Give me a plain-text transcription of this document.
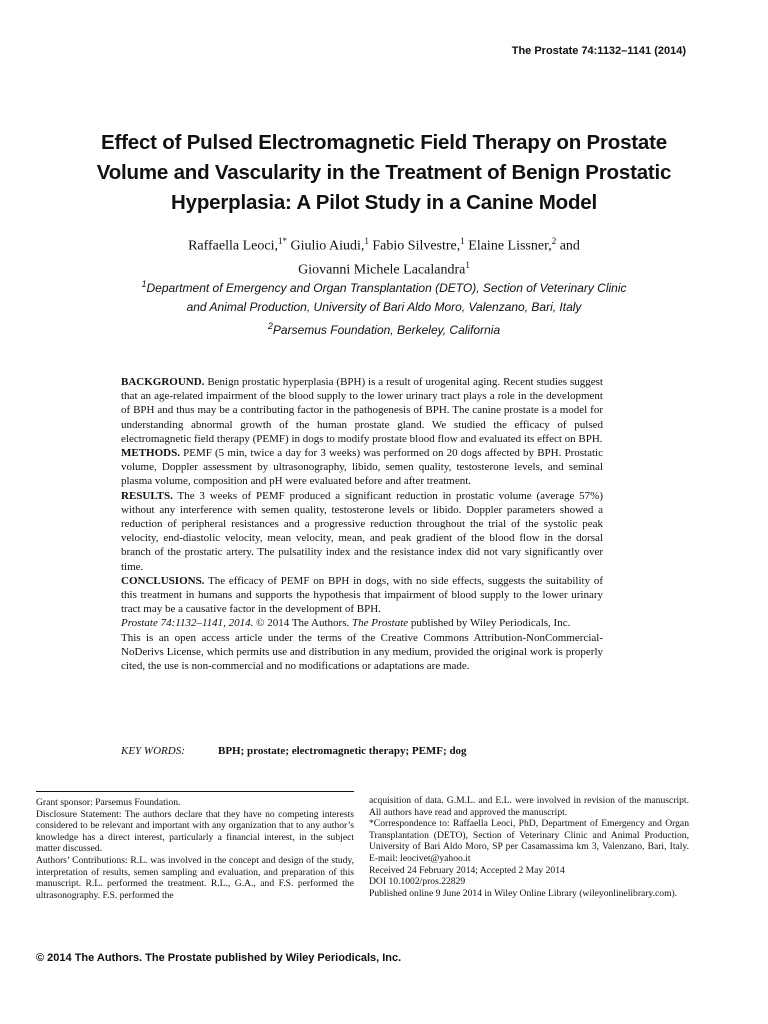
The Prostate 74:1132–1141 (2014)
Effect of Pulsed Electromagnetic Field Therapy on Prostate
Volume and Vascularity in the Treatment of Benign Prostatic
Hyperplasia: A Pilot Study in a Canine Model
Raffaella Leoci,$^{1*}$ Giulio Aiudi,$^1$ Fabio Silvestre,$^1$ Elaine Lissner,$^2$ and
Giovanni Michele Lacalandra$^1$
$^1$Department of Emergency and Organ Transplantation (DETO), Section of Veterinary Clinic
and Animal Production, University of Bari Aldo Moro, Valenzano, Bari, Italy
$^2$Parsemus Foundation, Berkeley, California

BACKGROUND. Benign prostatic hyperplasia (BPH) is a result of urogenital aging. Recent studies suggest that an age-related impairment of the blood supply to the lower urinary tract plays a role in the development of BPH and thus may be a contributing factor in the pathogenesis of BPH. The canine prostate is a model for understanding abnormal growth of the human prostate gland. We studied the efficacy of pulsed electromagnetic field therapy (PEMF) in dogs to modify prostate blood flow and evaluated its effect on BPH.

METHODS. PEMF (5 min, twice a day for 3 weeks) was performed on 20 dogs affected by BPH. Prostatic volume, Doppler assessment by ultrasonography, libido, semen quality, testosterone levels, and seminal plasma volume, composition and pH were evaluated before and after treatment.

RESULTS. The 3 weeks of PEMF produced a significant reduction in prostatic volume (average 57%) without any interference with semen quality, testosterone levels or libido. Doppler parameters showed a reduction of peripheral resistances and a progressive reduction throughout the trial of the systolic peak velocity, end-diastolic velocity, mean velocity, mean, and peak gradient of the blood flow in the dorsal branch of the prostatic artery. The pulsatility index and the resistance index did not vary significantly over time.

CONCLUSIONS. The efficacy of PEMF on BPH in dogs, with no side effects, suggests the suitability of this treatment in humans and supports the hypothesis that impairment of blood supply to the lower urinary tract may be a causative factor in the development of BPH.
Prostate 74:1132–1141, 2014. © 2014 The Authors. The Prostate published by Wiley Periodicals, Inc.

This is an open access article under the terms of the Creative Commons Attribution-NonCommercial-NoDerivs License, which permits use and distribution in any medium, provided the original work is properly cited, the use is non-commercial and no modifications or adaptations are made.

KEY WORDS:	BPH; prostate; electromagnetic therapy; PEMF; dog

Grant sponsor: Parsemus Foundation.

Disclosure Statement: The authors declare that they have no competing interests considered to be relevant and important with any organization that to any author’s knowledge has a direct interest, particularly a financial interest, in the subject matter discussed.

Authors’ Contributions: R.L. was involved in the concept and design of the study, interpretation of results, semen sampling and evaluation, and preparation of this manuscript. R.L. performed the treatment. R.L., G.A., and F.S. performed the ultrasonography. F.S. performed the

acquisition of data. G.M.L. and E.L. were involved in revision of the manuscript. All authors have read and approved the manuscript.

*Correspondence to: Raffaella Leoci, PhD, Department of Emergency and Organ Transplantation (DETO), Section of Veterinary Clinic and Animal Production, University of Bari Aldo Moro, SP per Casamassima km 3, Valenzano, Bari, Italy. E-mail: leocivet@yahoo.it

Received 24 February 2014; Accepted 2 May 2014

DOI 10.1002/pros.22829

Published online 9 June 2014 in Wiley Online Library (wileyonlinelibrary.com).

© 2014 The Authors. The Prostate published by Wiley Periodicals, Inc.
